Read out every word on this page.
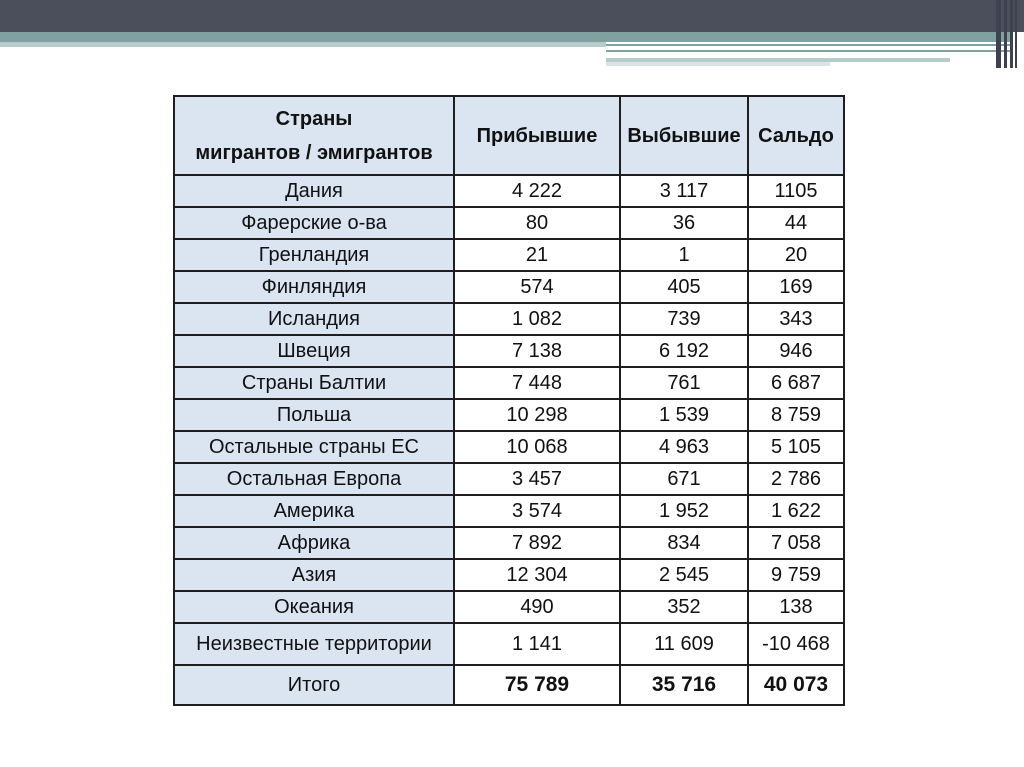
Страны
мигрантов / эмигрантов	Прибывшие	Выбывшие	Сальдо
Дания	4 222	3 117	1105
Фарерские о-ва	80	36	44
Гренландия	21	1	20
Финляндия	574	405	169
Исландия	1 082	739	343
Швеция	7 138	6 192	946
Страны Балтии	7 448	761	6 687
Польша	10 298	1 539	8 759
Остальные страны ЕС	10 068	4 963	5 105
Остальная Европа	3 457	671	2 786
Америка	3 574	1 952	1 622
Африка	7 892	834	7 058
Азия	12 304	2 545	9 759
Океания	490	352	138
Неизвестные территории	1 141	11 609	-10 468
Итого	75 789	35 716	40 073
